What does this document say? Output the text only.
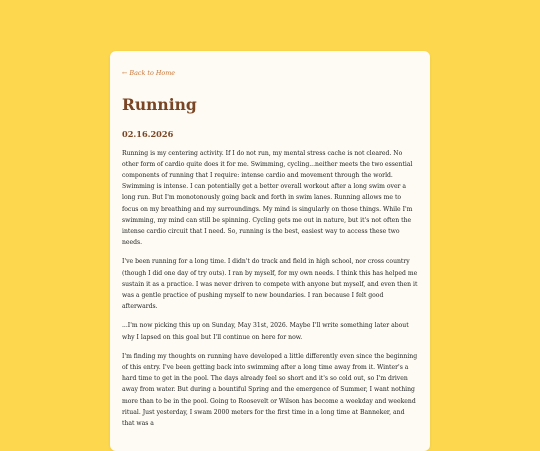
← Back to Home
Running
02.16.2026

Running is my centering activity. If I do not run, my mental stress cache is not cleared. No other form of cardio quite does it for me. Swimming, cycling...neither meets the two essential components of running that I require: intense cardio and movement through the world. Swimming is intense. I can potentially get a better overall workout after a long swim over a long run. But I'm monotonously going back and forth in swim lanes. Running allows me to focus on my breathing and my surroundings. My mind is singularly on those things. While I'm swimming, my mind can still be spinning. Cycling gets me out in nature, but it's not often the intense cardio circuit that I need. So, running is the best, easiest way to access these two needs.

I've been running for a long time. I didn't do track and field in high school, nor cross country (though I did one day of try outs). I ran by myself, for my own needs. I think this has helped me sustain it as a practice. I was never driven to compete with anyone but myself, and even then it was a gentle practice of pushing myself to new boundaries. I ran because I felt good afterwards.

...I'm now picking this up on Sunday, May 31st, 2026. Maybe I'll write something later about why I lapsed on this goal but I'll continue on here for now.

I'm finding my thoughts on running have developed a little differently even since the beginning of this entry. I've been getting back into swimming after a long time away from it. Winter's a hard time to get in the pool. The days already feel so short and it's so cold out, so I'm driven away from water. But during a bountiful Spring and the emergence of Summer, I want nothing more than to be in the pool. Going to Roosevelt or Wilson has become a weekday and weekend ritual. Just yesterday, I swam 2000 meters for the first time in a long time at Banneker, and that was a
